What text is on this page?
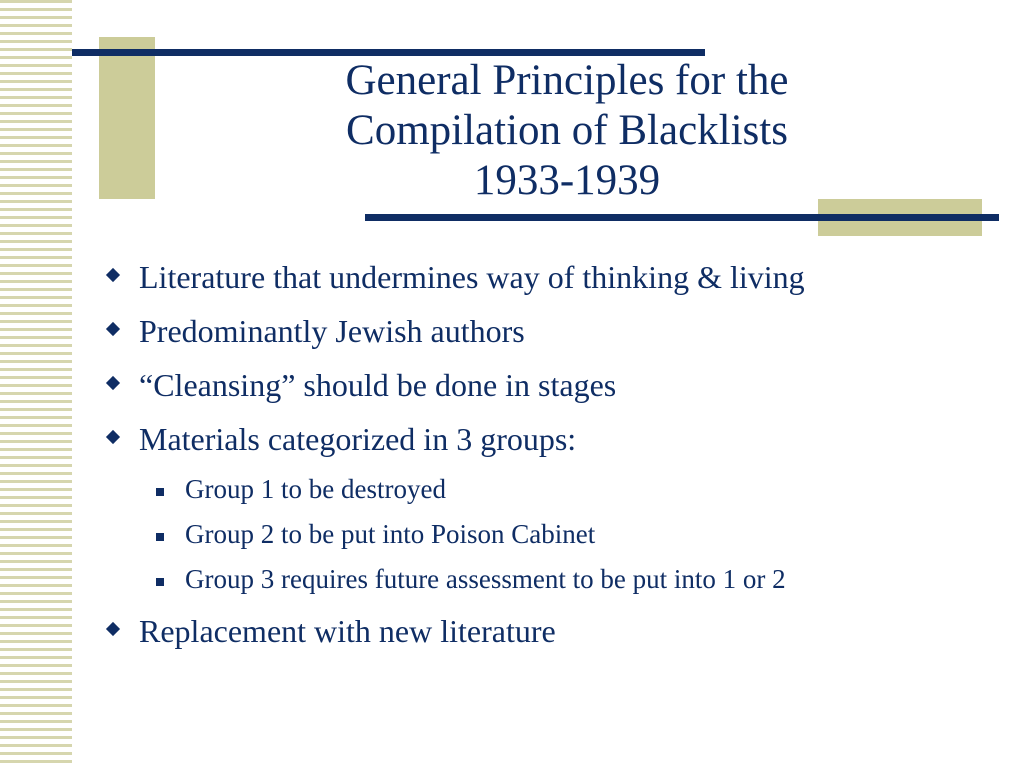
General Principles for the
Compilation of Blacklists
1933-1939
Literature that undermines way of thinking & living
Predominantly Jewish authors
“Cleansing” should be done in stages
Materials categorized in 3 groups:
Group 1 to be destroyed
Group 2 to be put into Poison Cabinet
Group 3 requires future assessment to be put into 1 or 2
Replacement with new literature
